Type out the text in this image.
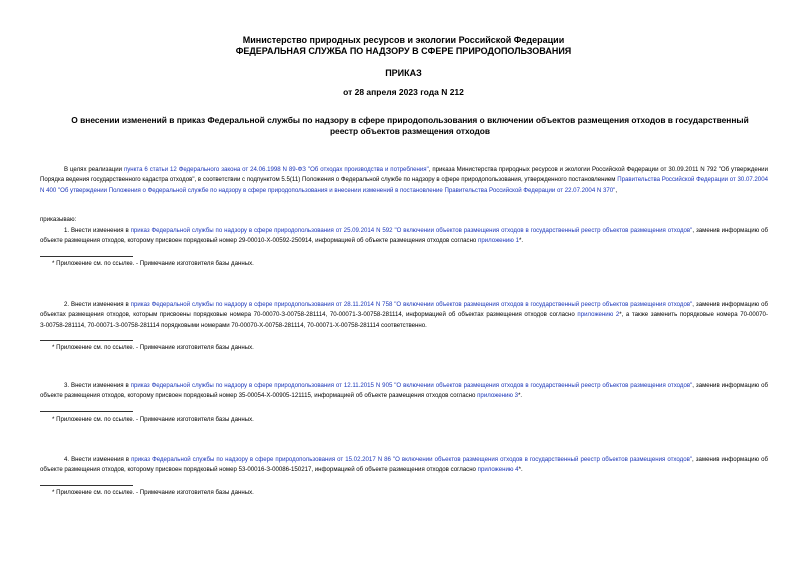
Министерство природных ресурсов и экологии Российской Федерации
ФЕДЕРАЛЬНАЯ СЛУЖБА ПО НАДЗОРУ В СФЕРЕ ПРИРОДОПОЛЬЗОВАНИЯ
ПРИКАЗ
от 28 апреля 2023 года N 212
О внесении изменений в приказ Федеральной службы по надзору в сфере природопользования о включении объектов размещения отходов в государственный реестр объектов размещения отходов
В целях реализации пункта 6 статьи 12 Федерального закона от 24.06.1998 N 89-ФЗ "Об отходах производства и потребления", приказа Министерства природных ресурсов и экологии Российской Федерации от 30.09.2011 N 792 "Об утверждении Порядка ведения государственного кадастра отходов", в соответствии с подпунктом 5.5(11) Положения о Федеральной службе по надзору в сфере природопользования, утвержденного постановлением Правительства Российской Федерации от 30.07.2004 N 400 "Об утверждении Положения о Федеральной службе по надзору в сфере природопользования и внесении изменений в постановление Правительства Российской Федерации от 22.07.2004 N 370",
приказываю:
1. Внести изменения в приказ Федеральной службы по надзору в сфере природопользования от 25.09.2014 N 592 "О включении объектов размещения отходов в государственный реестр объектов размещения отходов", заменив информацию об объекте размещения отходов, которому присвоен порядковый номер 29-00010-Х-00592-250914, информацией об объекте размещения отходов согласно приложению 1*.
* Приложение см. по ссылке. - Примечание изготовителя базы данных.
2. Внести изменения в приказ Федеральной службы по надзору в сфере природопользования от 28.11.2014 N 758 "О включении объектов размещения отходов в государственный реестр объектов размещения отходов", заменив информацию об объектах размещения отходов, которым присвоены порядковые номера 70-00070-З-00758-281114, 70-00071-З-00758-281114, информацией об объектах размещения отходов согласно приложению 2*, а также заменить порядковые номера 70-00070-З-00758-281114, 70-00071-З-00758-281114 порядковыми номерами 70-00070-Х-00758-281114, 70-00071-Х-00758-281114 соответственно.
* Приложение см. по ссылке. - Примечание изготовителя базы данных.
3. Внести изменения в приказ Федеральной службы по надзору в сфере природопользования от 12.11.2015 N 905 "О включении объектов размещения отходов в государственный реестр объектов размещения отходов", заменив информацию об объекте размещения отходов, которому присвоен порядковый номер 35-00054-Х-00905-121115, информацией об объекте размещения отходов согласно приложению 3*.
* Приложение см. по ссылке. - Примечание изготовителя базы данных.
4. Внести изменения в приказ Федеральной службы по надзору в сфере природопользования от 15.02.2017 N 86 "О включении объектов размещения отходов в государственный реестр объектов размещения отходов", заменив информацию об объекте размещения отходов, которому присвоен порядковый номер 53-00016-З-00086-150217, информацией об объекте размещения отходов согласно приложению 4*.
* Приложение см. по ссылке. - Примечание изготовителя базы данных.
